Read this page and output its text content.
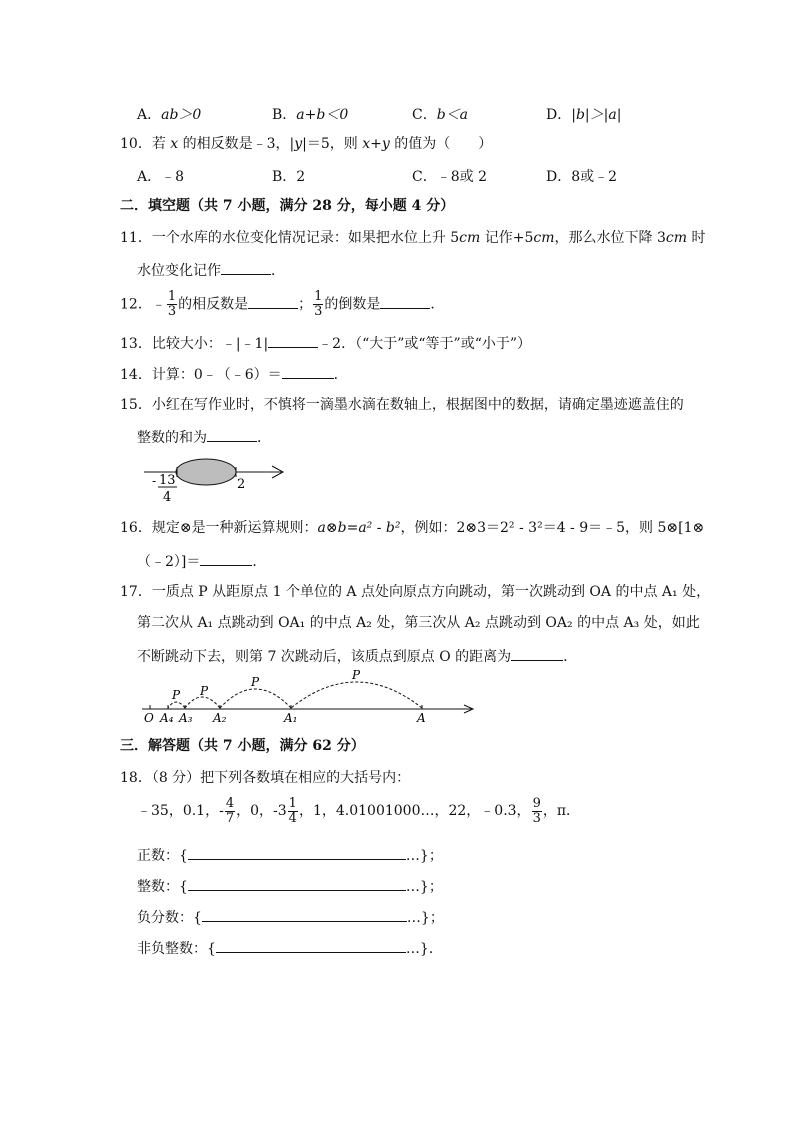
A．ab＞0	B．a+b＜0	C．b＜a	D．|b|＞|a|
10．若 x 的相反数是﹣3，|y|＝5，则 x+y 的值为（　　）
A．﹣8	B．2	C．﹣8或 2	D．8或﹣2
二．填空题（共 7 小题，满分 28 分，每小题 4 分）
11．一个水库的水位变化情况记录：如果把水位上升 5cm 记作+5cm，那么水位下降 3cm 时
水位变化记作	．
12．﹣ $\frac{1}{3}$ 的相反数是	； $\frac{1}{3}$ 的倒数是	．
13．比较大小：﹣|﹣1|	﹣2．（“大于”或“等于”或“小于”）
14．计算：0﹣（﹣6）＝	．
15．小红在写作业时，不慎将一滴墨水滴在数轴上，根据图中的数据，请确定墨迹遮盖住的
整数的和为	．
- 13
4
2
16．规定⊗是一种新运算规则：a⊗b=a² - b²，例如：2⊗3＝2² - 3²＝4 - 9＝﹣5，则 5⊗[1⊗
（﹣2）]＝	．
17．一质点 P 从距原点 1 个单位的 A 点处向原点方向跳动，第一次跳动到 OA 的中点 A₁ 处，
第二次从 A₁ 点跳动到 OA₁ 的中点 A₂ 处，第三次从 A₂ 点跳动到 OA₂ 的中点 A₃ 处，如此
不断跳动下去，则第 7 次跳动后，该质点到原点 O 的距离为	．
P
P
P
P
O A₄ A₃ A₂	A₁	A
三．解答题（共 7 小题，满分 62 分）
18．（8 分）把下列各数填在相应的大括号内：
﹣35，0.1，- $\frac{4}{7}$ ，0，$-3 \frac{1}{4}$ ，1，4.01001000…，22，﹣0.3， $\frac{9}{3}$ ，π．
正数：{	…}；
整数：{	…}；
负分数：{	…}；
非负整数：{	…}．
